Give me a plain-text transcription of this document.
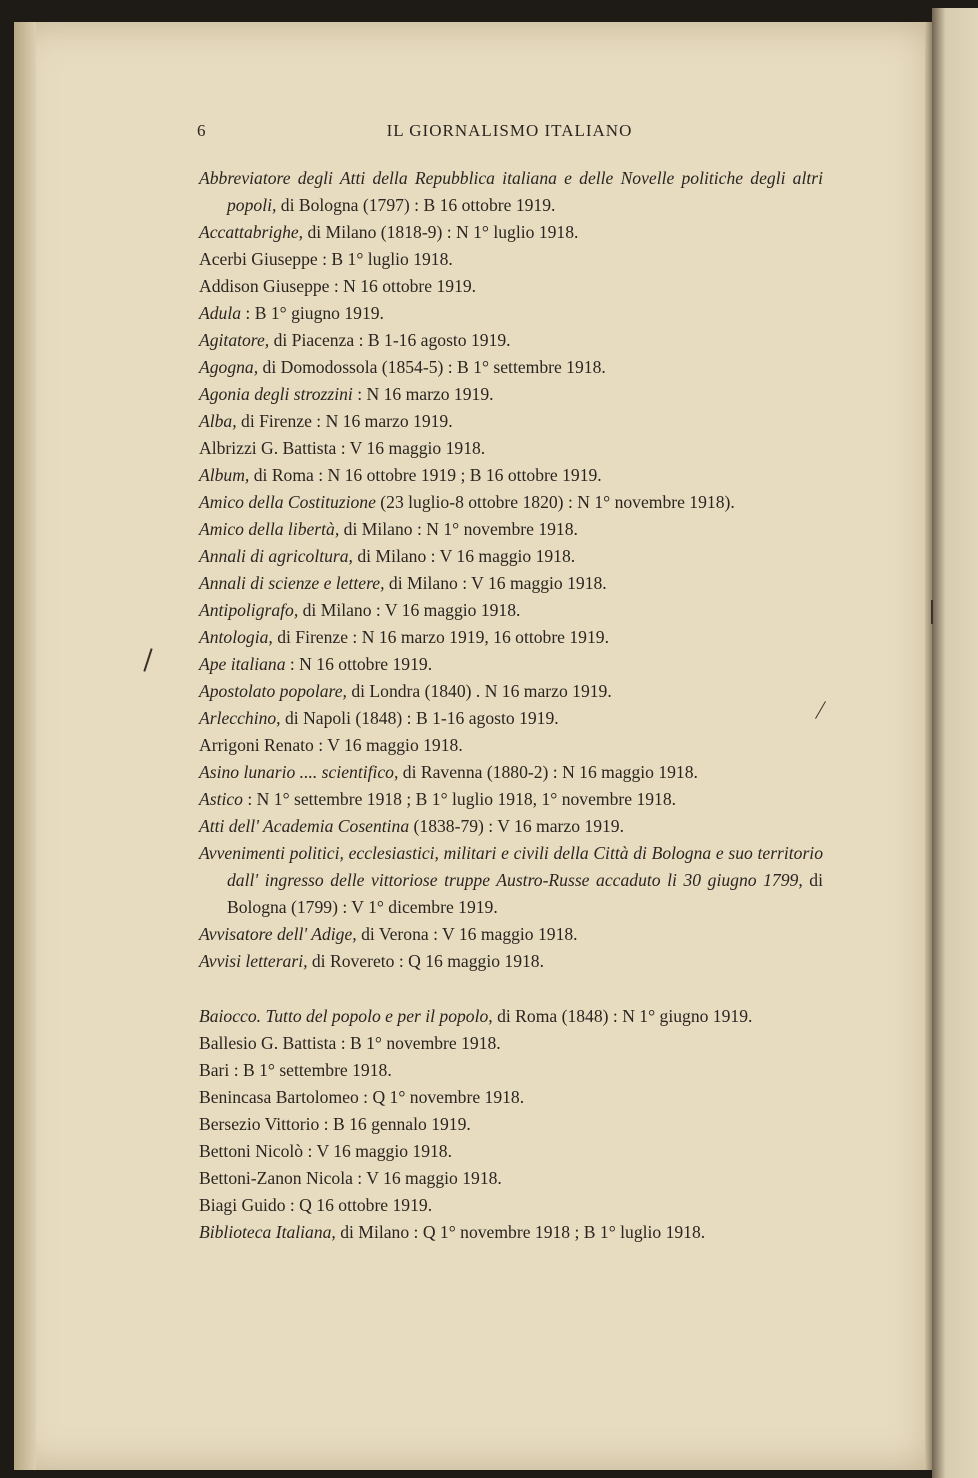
6	IL GIORNALISMO ITALIANO
Abbreviatore degli Atti della Repubblica italiana e delle Novelle politiche degli altri popoli, di Bologna (1797) : B 16 ottobre 1919.
Accattabrighe, di Milano (1818-9) : N 1° luglio 1918.
Acerbi Giuseppe : B 1° luglio 1918.
Addison Giuseppe : N 16 ottobre 1919.
Adula : B 1° giugno 1919.
Agitatore, di Piacenza : B 1-16 agosto 1919.
Agogna, di Domodossola (1854-5) : B 1° settembre 1918.
Agonia degli strozzini : N 16 marzo 1919.
Alba, di Firenze : N 16 marzo 1919.
Albrizzi G. Battista : V 16 maggio 1918.
Album, di Roma : N 16 ottobre 1919 ; B 16 ottobre 1919.
Amico della Costituzione (23 luglio-8 ottobre 1820) : N 1° novembre 1918).
Amico della libertà, di Milano : N 1° novembre 1918.
Annali di agricoltura, di Milano : V 16 maggio 1918.
Annali di scienze e lettere, di Milano : V 16 maggio 1918.
Antipoligrafo, di Milano : V 16 maggio 1918.
Antologia, di Firenze : N 16 marzo 1919, 16 ottobre 1919.
Ape italiana : N 16 ottobre 1919.
Apostolato popolare, di Londra (1840) . N 16 marzo 1919.
Arlecchino, di Napoli (1848) : B 1-16 agosto 1919.
Arrigoni Renato : V 16 maggio 1918.
Asino lunario .... scientifico, di Ravenna (1880-2) : N 16 maggio 1918.
Astico : N 1° settembre 1918 ; B 1° luglio 1918, 1° novembre 1918.
Atti dell' Academia Cosentina (1838-79) : V 16 marzo 1919.
Avvenimenti politici, ecclesiastici, militari e civili della Città di Bologna e suo territorio dall' ingresso delle vittoriose truppe Austro-Russe accaduto li 30 giugno 1799, di Bologna (1799) : V 1° dicembre 1919.
Avvisatore dell' Adige, di Verona : V 16 maggio 1918.
Avvisi letterari, di Rovereto : Q 16 maggio 1918.
Baiocco. Tutto del popolo e per il popolo, di Roma (1848) : N 1° giugno 1919.
Ballesio G. Battista : B 1° novembre 1918.
Bari : B 1° settembre 1918.
Benincasa Bartolomeo : Q 1° novembre 1918.
Bersezio Vittorio : B 16 gennalo 1919.
Bettoni Nicolò : V 16 maggio 1918.
Bettoni-Zanon Nicola : V 16 maggio 1918.
Biagi Guido : Q 16 ottobre 1919.
Biblioteca Italiana, di Milano : Q 1° novembre 1918 ; B 1° luglio 1918.
